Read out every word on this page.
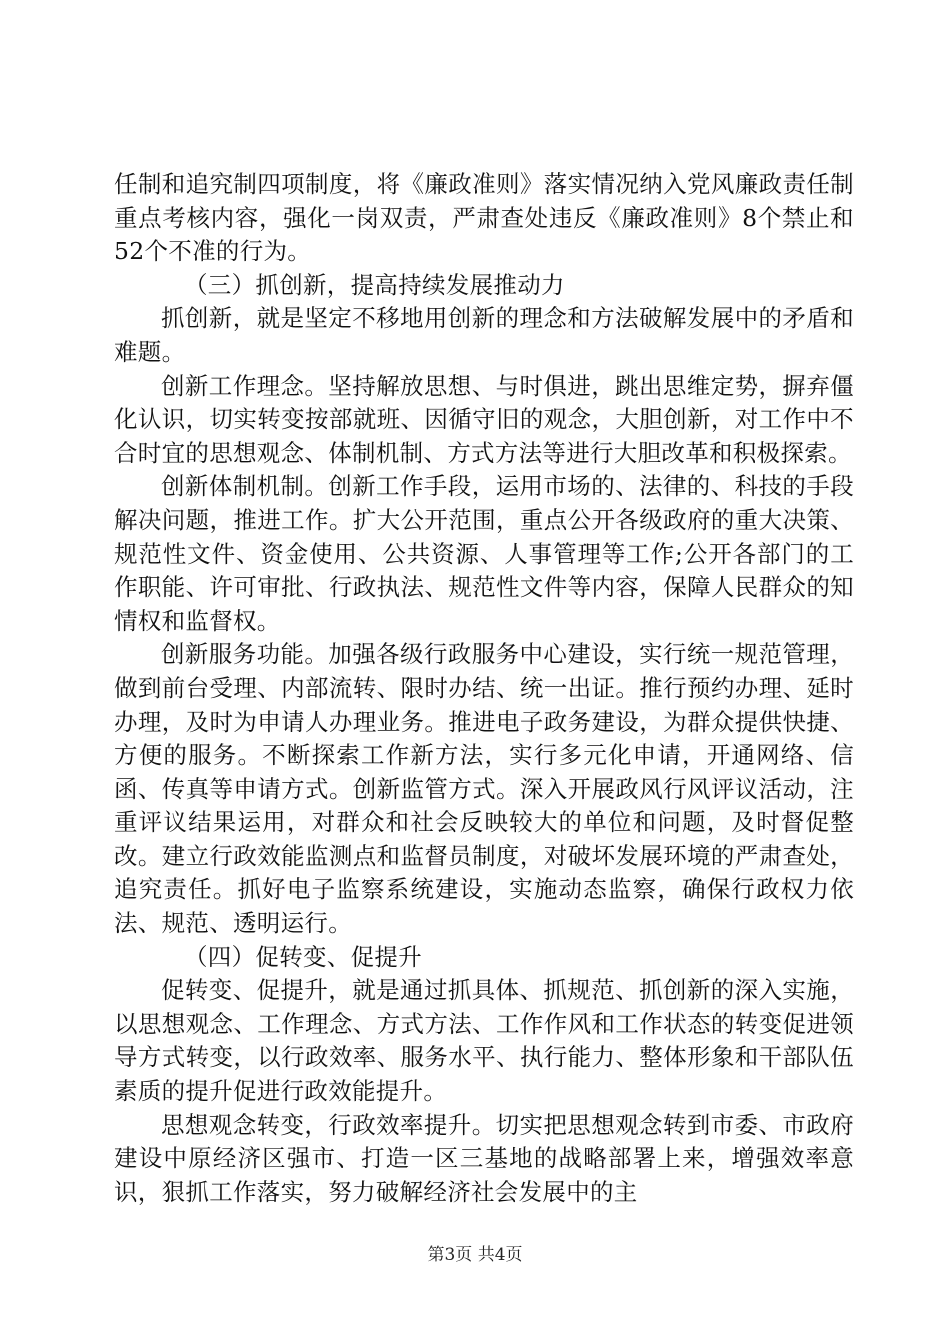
任制和追究制四项制度，将《廉政准则》落实情况纳入党风廉政责任制重点考核内容，强化一岗双责，严肃查处违反《廉政准则》8个禁止和52个不准的行为。

（三）抓创新，提高持续发展推动力

抓创新，就是坚定不移地用创新的理念和方法破解发展中的矛盾和难题。

创新工作理念。坚持解放思想、与时俱进，跳出思维定势，摒弃僵化认识，切实转变按部就班、因循守旧的观念，大胆创新，对工作中不合时宜的思想观念、体制机制、方式方法等进行大胆改革和积极探索。

创新体制机制。创新工作手段，运用市场的、法律的、科技的手段解决问题，推进工作。扩大公开范围，重点公开各级政府的重大决策、规范性文件、资金使用、公共资源、人事管理等工作;公开各部门的工作职能、许可审批、行政执法、规范性文件等内容，保障人民群众的知情权和监督权。

创新服务功能。加强各级行政服务中心建设，实行统一规范管理，做到前台受理、内部流转、限时办结、统一出证。推行预约办理、延时办理，及时为申请人办理业务。推进电子政务建设，为群众提供快捷、方便的服务。不断探索工作新方法，实行多元化申请，开通网络、信函、传真等申请方式。创新监管方式。深入开展政风行风评议活动，注重评议结果运用，对群众和社会反映较大的单位和问题，及时督促整改。建立行政效能监测点和监督员制度，对破坏发展环境的严肃查处，追究责任。抓好电子监察系统建设，实施动态监察，确保行政权力依法、规范、透明运行。

（四）促转变、促提升

促转变、促提升，就是通过抓具体、抓规范、抓创新的深入实施，以思想观念、工作理念、方式方法、工作作风和工作状态的转变促进领导方式转变，以行政效率、服务水平、执行能力、整体形象和干部队伍素质的提升促进行政效能提升。

思想观念转变，行政效率提升。切实把思想观念转到市委、市政府建设中原经济区强市、打造一区三基地的战略部署上来，增强效率意识，狠抓工作落实，努力破解经济社会发展中的主

第3页 共4页
